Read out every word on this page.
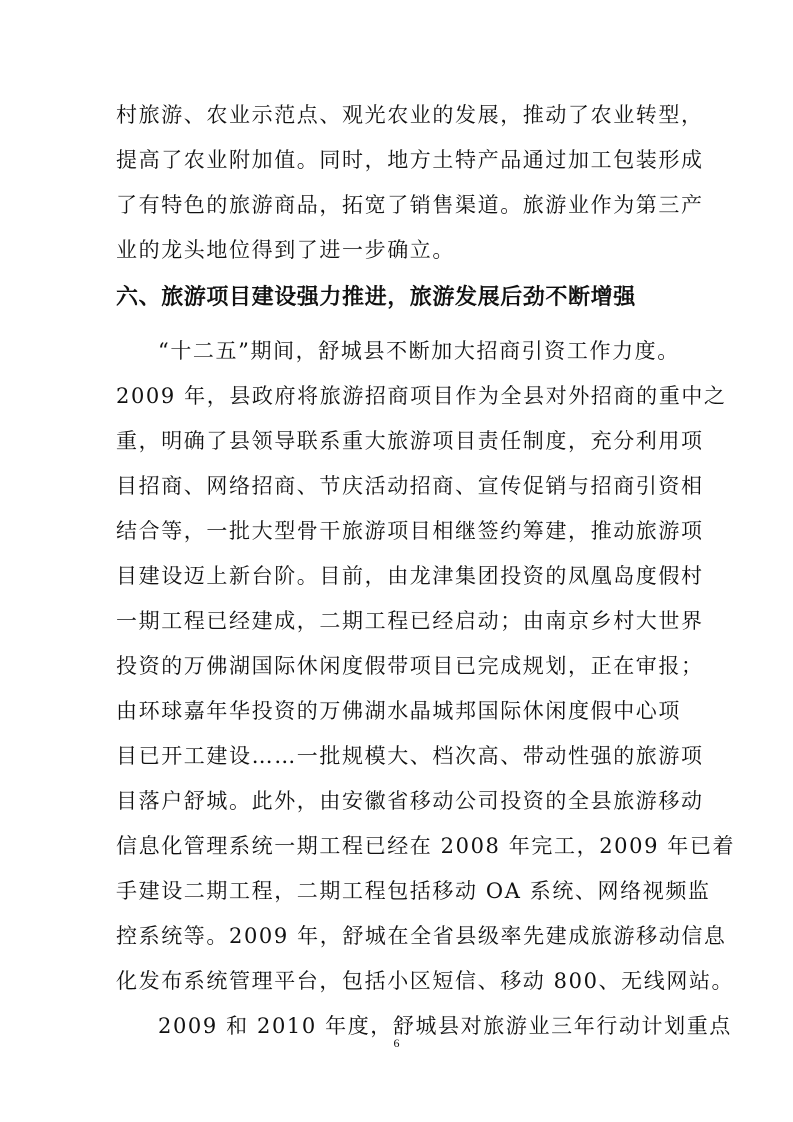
村旅游、农业示范点、观光农业的发展，推动了农业转型，
提高了农业附加值。同时，地方土特产品通过加工包装形成
了有特色的旅游商品，拓宽了销售渠道。旅游业作为第三产
业的龙头地位得到了进一步确立。
六、旅游项目建设强力推进，旅游发展后劲不断增强
“十二五”期间，舒城县不断加大招商引资工作力度。
2009 年，县政府将旅游招商项目作为全县对外招商的重中之
重，明确了县领导联系重大旅游项目责任制度，充分利用项
目招商、网络招商、节庆活动招商、宣传促销与招商引资相
结合等，一批大型骨干旅游项目相继签约筹建，推动旅游项
目建设迈上新台阶。目前，由龙津集团投资的凤凰岛度假村
一期工程已经建成，二期工程已经启动；由南京乡村大世界
投资的万佛湖国际休闲度假带项目已完成规划，正在审报；
由环球嘉年华投资的万佛湖水晶城邦国际休闲度假中心项
目已开工建设……一批规模大、档次高、带动性强的旅游项
目落户舒城。此外，由安徽省移动公司投资的全县旅游移动
信息化管理系统一期工程已经在 2008 年完工，2009 年已着
手建设二期工程，二期工程包括移动 OA 系统、网络视频监
控系统等。2009 年，舒城在全省县级率先建成旅游移动信息
化发布系统管理平台，包括小区短信、移动 800、无线网站。
2009 和 2010 年度，舒城县对旅游业三年行动计划重点
6
